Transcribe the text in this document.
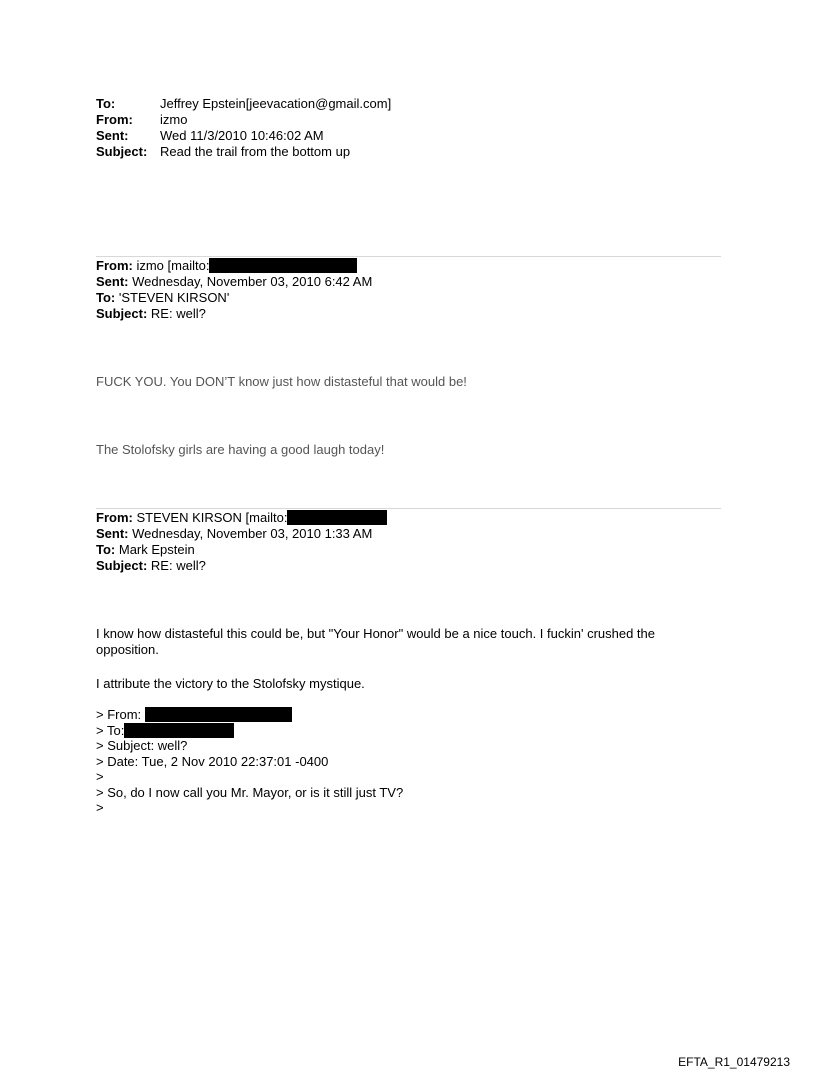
To:	Jeffrey Epstein[jeevacation@gmail.com]
From:	izmo
Sent:	Wed 11/3/2010 10:46:02 AM
Subject: Read the trail from the bottom up
From: izmo [mailto:
Sent: Wednesday, November 03, 2010 6:42 AM
To: 'STEVEN KIRSON'
Subject: RE: well?
FUCK YOU. You DON’T know just how distasteful that would be!
The Stolofsky girls are having a good laugh today!
From: STEVEN KIRSON [mailto:
Sent: Wednesday, November 03, 2010 1:33 AM
To: Mark Epstein
Subject: RE: well?
I know how distasteful this could be, but "Your Honor" would be a nice touch. I fuckin' crushed the opposition.
I attribute the victory to the Stolofsky mystique.
> From:
> To:
> Subject: well?
> Date: Tue, 2 Nov 2010 22:37:01 -0400
>
> So, do I now call you Mr. Mayor, or is it still just TV?
>
EFTA_R1_01479213
